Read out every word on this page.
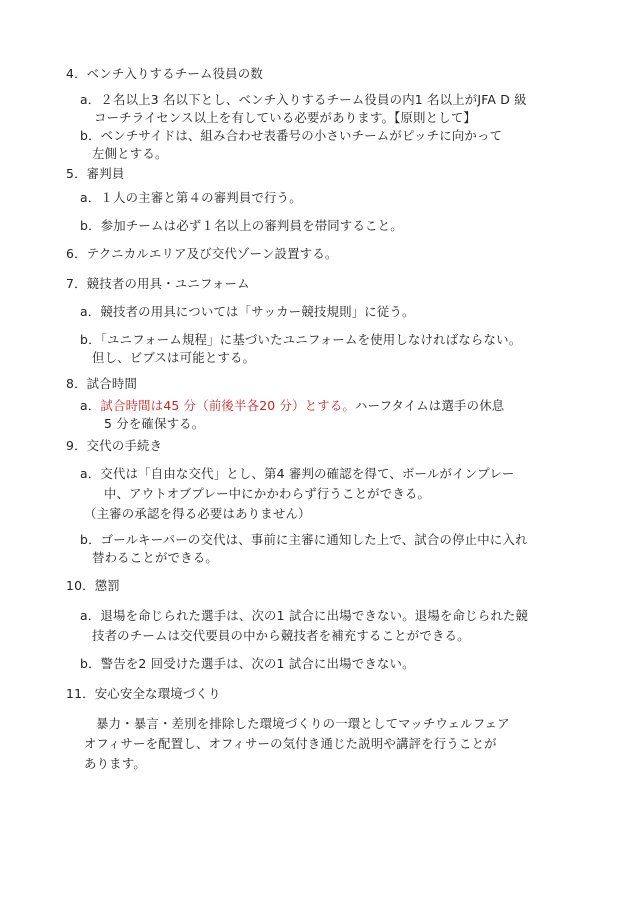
4．ベンチ入りするチーム役員の数
a．２名以上3 名以下とし、ベンチ入りするチーム役員の内1 名以上がJFA D 級
コーチライセンス以上を有している必要があります。【原則として】
b．ベンチサイドは、組み合わせ表番号の小さいチームがピッチに向かって
左側とする。
5．審判員
a．１人の主審と第４の審判員で行う。
b．参加チームは必ず１名以上の審判員を帯同すること。
6．テクニカルエリア及び交代ゾーン設置する。
7．競技者の用具・ユニフォーム
a．競技者の用具については「サッカー競技規則」に従う。
b．「ユニフォーム規程」に基づいたユニフォームを使用しなければならない。
但し、ビブスは可能とする。
8．試合時間
a．試合時間は45 分（前後半各20 分）とする。ハーフタイムは選手の休息
5 分を確保する。
9．交代の手続き
a．交代は「自由な交代」とし、第4 審判の確認を得て、ボールがインプレー
中、アウトオブプレー中にかかわらず行うことができる。
（主審の承認を得る必要はありません）
b．ゴールキーパーの交代は、事前に主審に通知した上で、試合の停止中に入れ
替わることができる。
10．懲罰
a．退場を命じられた選手は、次の1 試合に出場できない。退場を命じられた競
技者のチームは交代要員の中から競技者を補充することができる。
b．警告を2 回受けた選手は、次の1 試合に出場できない。
11．安心安全な環境づくり
暴力・暴言・差別を排除した環境づくりの一環としてマッチウェルフェア
オフィサーを配置し、オフィサーの気付き通じた説明や講評を行うことが
あります。
